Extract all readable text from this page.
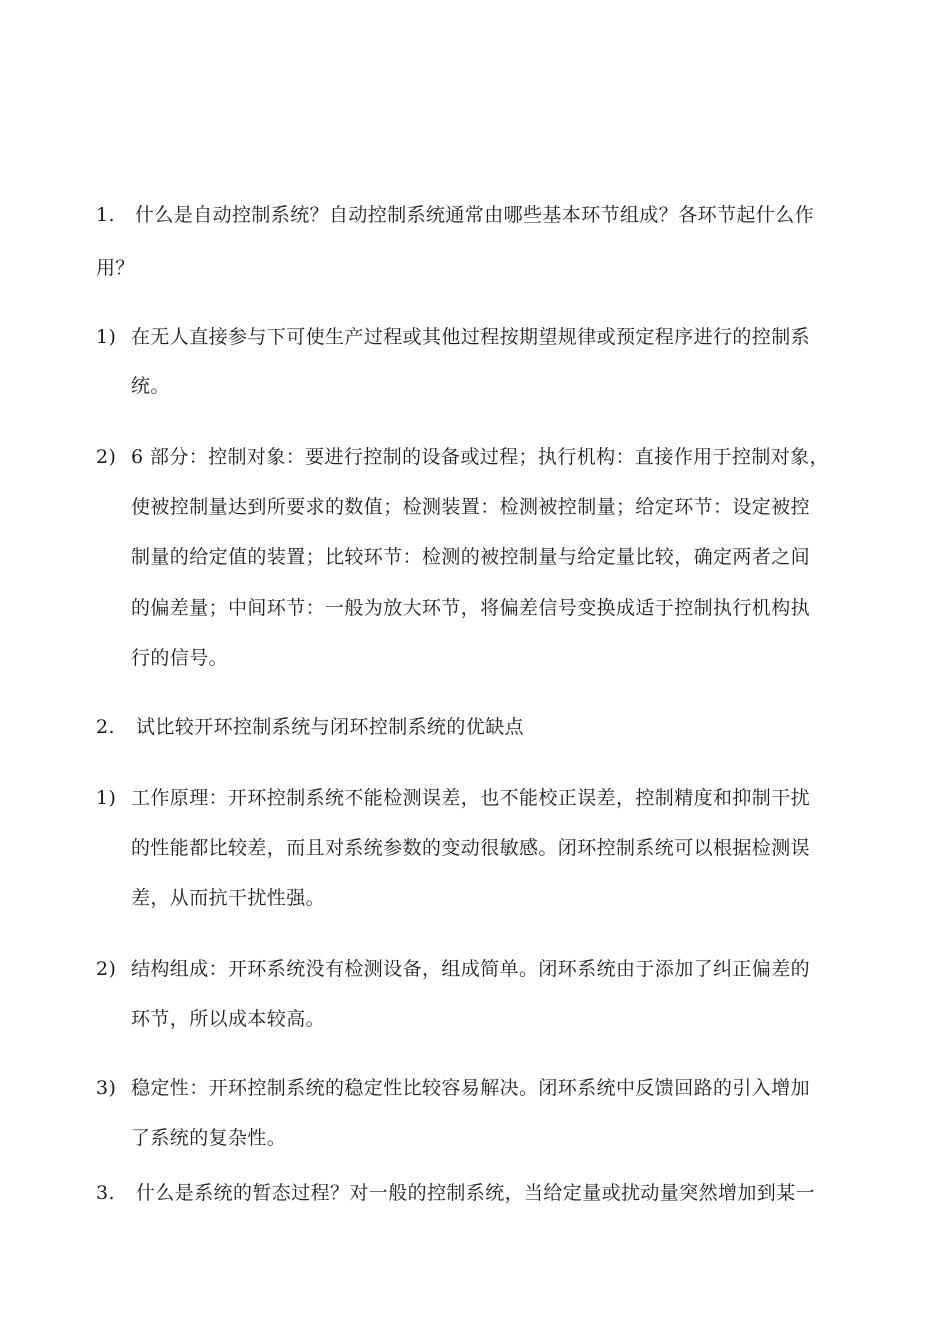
1. 什么是自动控制系统？自动控制系统通常由哪些基本环节组成？各环节起什么作
用？
1) 在无人直接参与下可使生产过程或其他过程按期望规律或预定程序进行的控制系
统。
2) 6 部分：控制对象：要进行控制的设备或过程；执行机构：直接作用于控制对象，
使被控制量达到所要求的数值；检测装置：检测被控制量；给定环节：设定被控
制量的给定值的装置；比较环节：检测的被控制量与给定量比较，确定两者之间
的偏差量；中间环节：一般为放大环节，将偏差信号变换成适于控制执行机构执
行的信号。
2. 试比较开环控制系统与闭环控制系统的优缺点
1) 工作原理：开环控制系统不能检测误差，也不能校正误差，控制精度和抑制干扰
的性能都比较差，而且对系统参数的变动很敏感。闭环控制系统可以根据检测误
差，从而抗干扰性强。
2) 结构组成：开环系统没有检测设备，组成简单。闭环系统由于添加了纠正偏差的
环节，所以成本较高。
3) 稳定性：开环控制系统的稳定性比较容易解决。闭环系统中反馈回路的引入增加
了系统的复杂性。
3. 什么是系统的暂态过程？对一般的控制系统，当给定量或扰动量突然增加到某一
